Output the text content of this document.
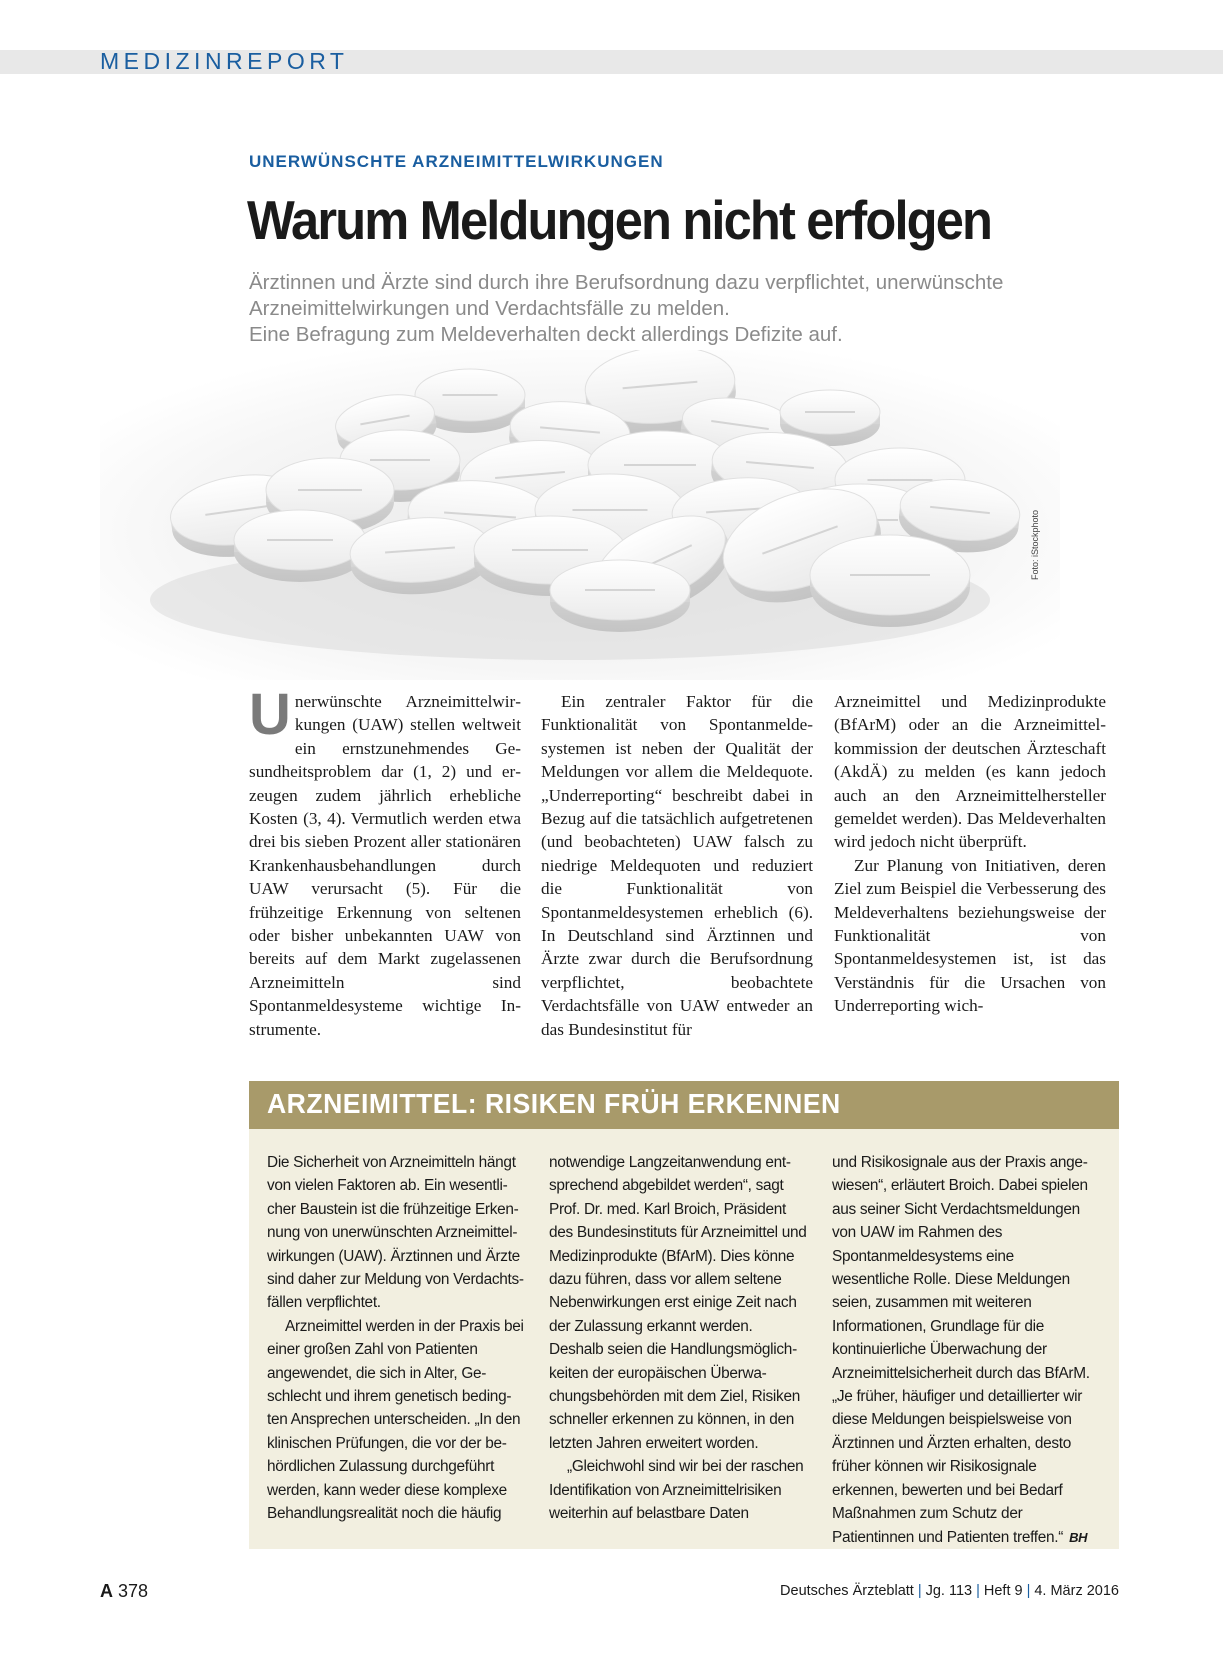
MEDIZINREPORT
UNERWÜNSCHTE ARZNEIMITTELWIRKUNGEN
Warum Meldungen nicht erfolgen
Ärztinnen und Ärzte sind durch ihre Berufsordnung dazu verpflichtet, unerwünschte
Arzneimittelwirkungen und Verdachtsfälle zu melden.
Eine Befragung zum Meldeverhalten deckt allerdings Defizite auf.
Foto: iStockphoto

Unerwünschte Arzneimittelwirkungen (UAW) stellen weltweit ein ernstzunehmendes Gesundheitsproblem dar (1, 2) und erzeugen zudem jährlich erhebliche Kosten (3, 4). Vermutlich werden etwa drei bis sieben Prozent aller stationären Krankenhausbehandlungen durch UAW verursacht (5). Für die frühzeitige Erkennung von seltenen oder bisher unbekannten UAW von bereits auf dem Markt zugelassenen Arzneimitteln sind Spontanmeldesysteme wichtige Instrumente.

Ein zentraler Faktor für die Funktionalität von Spontanmeldesystemen ist neben der Qualität der Meldungen vor allem die Meldequote. „Underreporting“ beschreibt dabei in Bezug auf die tatsächlich aufgetretenen (und beobachteten) UAW falsch zu niedrige Meldequoten und reduziert die Funktionalität von Spontanmeldesystemen erheblich (6). In Deutschland sind Ärztinnen und Ärzte zwar durch die Berufsordnung verpflichtet, beobachtete Verdachtsfälle von UAW entweder an das Bundesinstitut für

Arzneimittel und Medizinprodukte (BfArM) oder an die Arzneimittelkommission der deutschen Ärzteschaft (AkdÄ) zu melden (es kann jedoch auch an den Arzneimittelhersteller gemeldet werden). Das Meldeverhalten wird jedoch nicht überprüft.

Zur Planung von Initiativen, deren Ziel zum Beispiel die Verbesserung des Meldeverhaltens beziehungsweise der Funktionalität von Spontanmeldesystemen ist, ist das Verständnis für die Ursachen von Underreporting wich-

ARZNEIMITTEL: RISIKEN FRÜH ERKENNEN

Die Sicherheit von Arzneimitteln hängt von vielen Faktoren ab. Ein wesentlicher Baustein ist die frühzeitige Erkennung von unerwünschten Arzneimittelwirkungen (UAW). Ärztinnen und Ärzte sind daher zur Meldung von Verdachtsfällen verpflichtet.

Arzneimittel werden in der Praxis bei einer großen Zahl von Patienten angewendet, die sich in Alter, Geschlecht und ihrem genetisch bedingten Ansprechen unterscheiden. „In den klinischen Prüfungen, die vor der behördlichen Zulassung durchgeführt werden, kann weder diese komplexe Behandlungsrealität noch die häufig

notwendige Langzeitanwendung entsprechend abgebildet werden“, sagt Prof. Dr. med. Karl Broich, Präsident des Bundesinstituts für Arzneimittel und Medizinprodukte (BfArM). Dies könne dazu führen, dass vor allem seltene Nebenwirkungen erst einige Zeit nach der Zulassung erkannt werden. Deshalb seien die Handlungsmöglichkeiten der europäischen Überwachungsbehörden mit dem Ziel, Risiken schneller erkennen zu können, in den letzten Jahren erweitert worden.

„Gleichwohl sind wir bei der raschen Identifikation von Arzneimittelrisiken weiterhin auf belastbare Daten

und Risikosignale aus der Praxis angewiesen“, erläutert Broich. Dabei spielen aus seiner Sicht Verdachtsmeldungen von UAW im Rahmen des Spontanmeldesystems eine wesentliche Rolle. Diese Meldungen seien, zusammen mit weiteren Informationen, Grundlage für die kontinuierliche Überwachung der Arzneimittelsicherheit durch das BfArM. „Je früher, häufiger und detaillierter wir diese Meldungen beispielsweise von Ärztinnen und Ärzten erhalten, desto früher können wir Risikosignale erkennen, bewerten und bei Bedarf Maßnahmen zum Schutz der Patientinnen und Patienten treffen.“ BH

A 378	Deutsches Ärzteblatt | Jg. 113 | Heft 9 | 4. März 2016
